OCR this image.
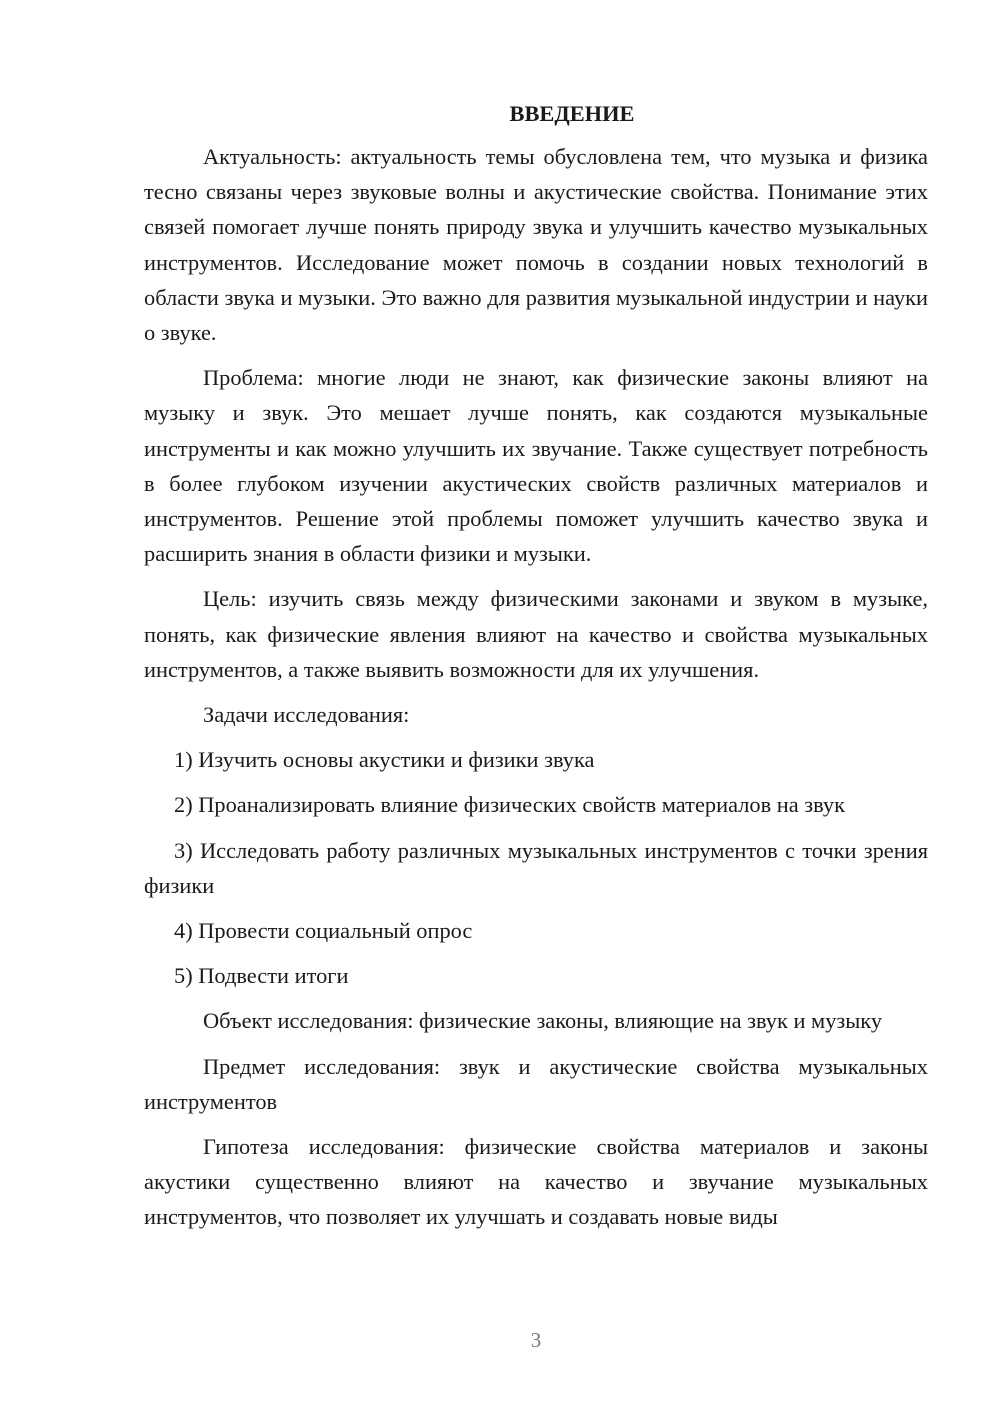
ВВЕДЕНИЕ

Актуальность: актуальность темы обусловлена тем, что музыка и физика тесно связаны через звуковые волны и акустические свойства. Понимание этих связей помогает лучше понять природу звука и улучшить качество музыкальных инструментов. Исследование может помочь в создании новых технологий в области звука и музыки. Это важно для развития музыкальной индустрии и науки о звуке.

Проблема: многие люди не знают, как физические законы влияют на музыку и звук. Это мешает лучше понять, как создаются музыкальные инструменты и как можно улучшить их звучание. Также существует потребность в более глубоком изучении акустических свойств различных материалов и инструментов. Решение этой проблемы поможет улучшить качество звука и расширить знания в области физики и музыки.

Цель: изучить связь между физическими законами и звуком в музыке, понять, как физические явления влияют на качество и свойства музыкальных инструментов, а также выявить возможности для их улучшения.

Задачи исследования:

1) Изучить основы акустики и физики звука

2) Проанализировать влияние физических свойств материалов на звук

3) Исследовать работу различных музыкальных инструментов с точки зрения физики

4) Провести социальный опрос

5) Подвести итоги

Объект исследования: физические законы, влияющие на звук и музыку

Предмет исследования: звук и акустические свойства музыкальных инструментов

Гипотеза исследования: физические свойства материалов и законы акустики существенно влияют на качество и звучание музыкальных инструментов, что позволяет их улучшать и создавать новые виды

3
